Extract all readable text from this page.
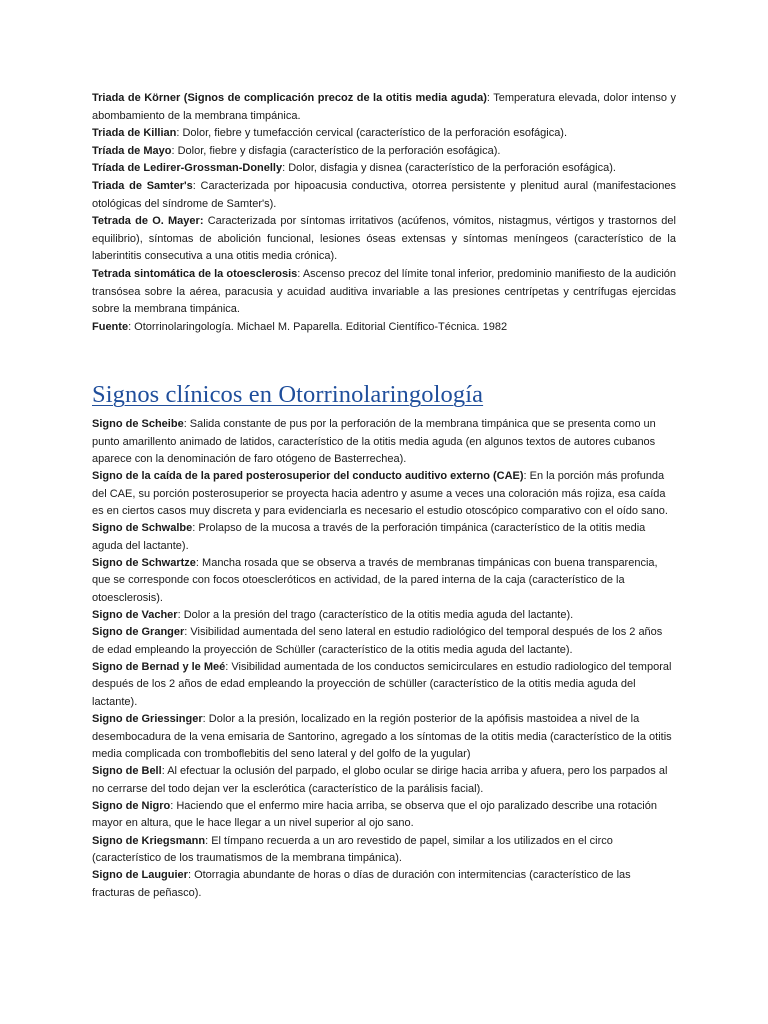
Triada de Körner (Signos de complicación precoz de la otitis media aguda): Temperatura elevada, dolor intenso y abombamiento de la membrana timpánica.

Triada de Killian: Dolor, fiebre y tumefacción cervical (característico de la perforación esofágica).

Tríada de Mayo: Dolor, fiebre y disfagia (característico de la perforación esofágica).

Tríada de Ledirer-Grossman-Donelly: Dolor, disfagia y disnea (característico de la perforación esofágica).

Triada de Samter's: Caracterizada por hipoacusia conductiva, otorrea persistente y plenitud aural (manifestaciones otológicas del síndrome de Samter's).

Tetrada de O. Mayer: Caracterizada por síntomas irritativos (acúfenos, vómitos, nistagmus, vértigos y trastornos del equilibrio), síntomas de abolición funcional, lesiones óseas extensas y síntomas meníngeos (característico de la laberintitis consecutiva a una otitis media crónica).

Tetrada sintomática de la otoesclerosis: Ascenso precoz del límite tonal inferior, predominio manifiesto de la audición transósea sobre la aérea, paracusia y acuidad auditiva invariable a las presiones centrípetas y centrífugas ejercidas sobre la membrana timpánica.

Fuente: Otorrinolaringología. Michael M. Paparella. Editorial Científico-Técnica. 1982

Signos clínicos en Otorrinolaringología

Signo de Scheibe: Salida constante de pus por la perforación de la membrana timpánica que se presenta como un punto amarillento animado de latidos, característico de la otitis media aguda (en algunos textos de autores cubanos aparece con la denominación de faro otógeno de Basterrechea).

Signo de la caída de la pared posterosuperior del conducto auditivo externo (CAE): En la porción más profunda del CAE, su porción posterosuperior se proyecta hacia adentro y asume a veces una coloración más rojiza, esa caída es en ciertos casos muy discreta y para evidenciarla es necesario el estudio otoscópico comparativo con el oído sano.

Signo de Schwalbe: Prolapso de la mucosa a través de la perforación timpánica (característico de la otitis media aguda del lactante).

Signo de Schwartze: Mancha rosada que se observa a través de membranas timpánicas con buena transparencia, que se corresponde con focos otoescleróticos en actividad, de la pared interna de la caja (característico de la otoesclerosis).

Signo de Vacher: Dolor a la presión del trago (característico de la otitis media aguda del lactante).

Signo de Granger: Visibilidad aumentada del seno lateral en estudio radiológico del temporal después de los 2 años de edad empleando la proyección de Schüller (característico de la otitis media aguda del lactante).

Signo de Bernad y le Meé: Visibilidad aumentada de los conductos semicirculares en estudio radiologico del temporal después de los 2 años de edad empleando la proyección de schüller (característico de la otitis media aguda del lactante).

Signo de Griessinger: Dolor a la presión, localizado en la región posterior de la apófisis mastoidea a nivel de la desembocadura de la vena emisaria de Santorino, agregado a los síntomas de la otitis media (característico de la otitis media complicada con tromboflebitis del seno lateral y del golfo de la yugular)

Signo de Bell: Al efectuar la oclusión del parpado, el globo ocular se dirige hacia arriba y afuera, pero los parpados al no cerrarse del todo dejan ver la esclerótica (característico de la parálisis facial).

Signo de Nigro: Haciendo que el enfermo mire hacia arriba, se observa que el ojo paralizado describe una rotación mayor en altura, que le hace llegar a un nivel superior al ojo sano.

Signo de Kriegsmann: El tímpano recuerda a un aro revestido de papel, similar a los utilizados en el circo (característico de los traumatismos de la membrana timpánica).

Signo de Lauguier: Otorragia abundante de horas o días de duración con intermitencias (característico de las fracturas de peñasco).
